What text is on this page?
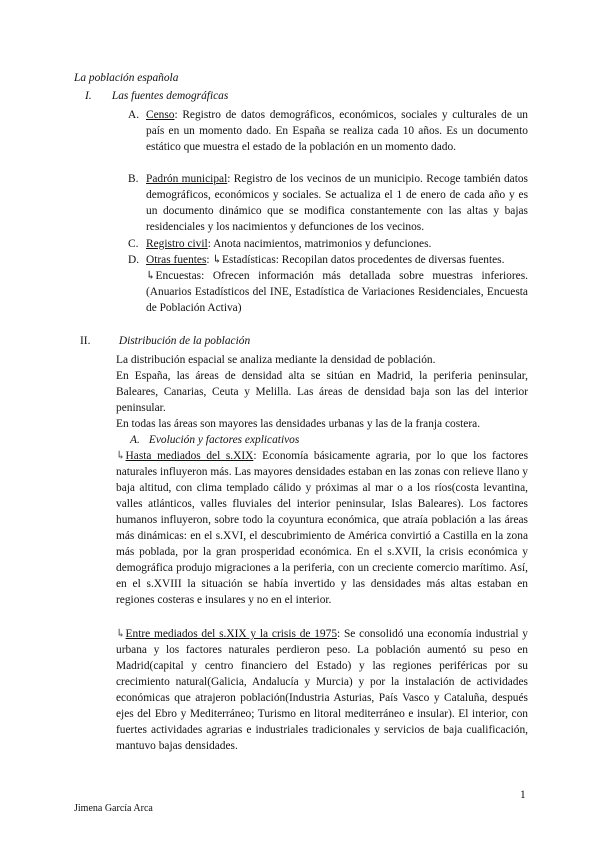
La población española
I. Las fuentes demográficas
A. Censo: Registro de datos demográficos, económicos, sociales y culturales de un país en un momento dado. En España se realiza cada 10 años. Es un documento estático que muestra el estado de la población en un momento dado.
B. Padrón municipal: Registro de los vecinos de un municipio. Recoge también datos demográficos, económicos y sociales. Se actualiza el 1 de enero de cada año y es un documento dinámico que se modifica constantemente con las altas y bajas residenciales y los nacimientos y defunciones de los vecinos.
C. Registro civil: Anota nacimientos, matrimonios y defunciones.
D. Otras fuentes: ↳Estadísticas: Recopilan datos procedentes de diversas fuentes.
↳Encuestas: Ofrecen información más detallada sobre muestras inferiores. (Anuarios Estadísticos del INE, Estadística de Variaciones Residenciales, Encuesta de Población Activa)
II. Distribución de la población
La distribución espacial se analiza mediante la densidad de población.
En España, las áreas de densidad alta se sitúan en Madrid, la periferia peninsular, Baleares, Canarias, Ceuta y Melilla. Las áreas de densidad baja son las del interior peninsular.
En todas las áreas son mayores las densidades urbanas y las de la franja costera.
A. Evolución y factores explicativos
↳Hasta mediados del s.XIX: Economía básicamente agraria, por lo que los factores naturales influyeron más. Las mayores densidades estaban en las zonas con relieve llano y baja altitud, con clima templado cálido y próximas al mar o a los ríos(costa levantina, valles atlánticos, valles fluviales del interior peninsular, Islas Baleares). Los factores humanos influyeron, sobre todo la coyuntura económica, que atraía población a las áreas más dinámicas: en el s.XVI, el descubrimiento de América convirtió a Castilla en la zona más poblada, por la gran prosperidad económica. En el s.XVII, la crisis económica y demográfica produjo migraciones a la periferia, con un creciente comercio marítimo. Así, en el s.XVIII la situación se había invertido y las densidades más altas estaban en regiones costeras e insulares y no en el interior.
↳Entre mediados del s.XIX y la crisis de 1975: Se consolidó una economía industrial y urbana y los factores naturales perdieron peso. La población aumentó su peso en Madrid(capital y centro financiero del Estado) y las regiones periféricas por su crecimiento natural(Galicia, Andalucía y Murcia) y por la instalación de actividades económicas que atrajeron población(Industria Asturias, País Vasco y Cataluña, después ejes del Ebro y Mediterráneo; Turismo en litoral mediterráneo e insular). El interior, con fuertes actividades agrarias e industriales tradicionales y servicios de baja cualificación, mantuvo bajas densidades.
1
Jimena García Arca
